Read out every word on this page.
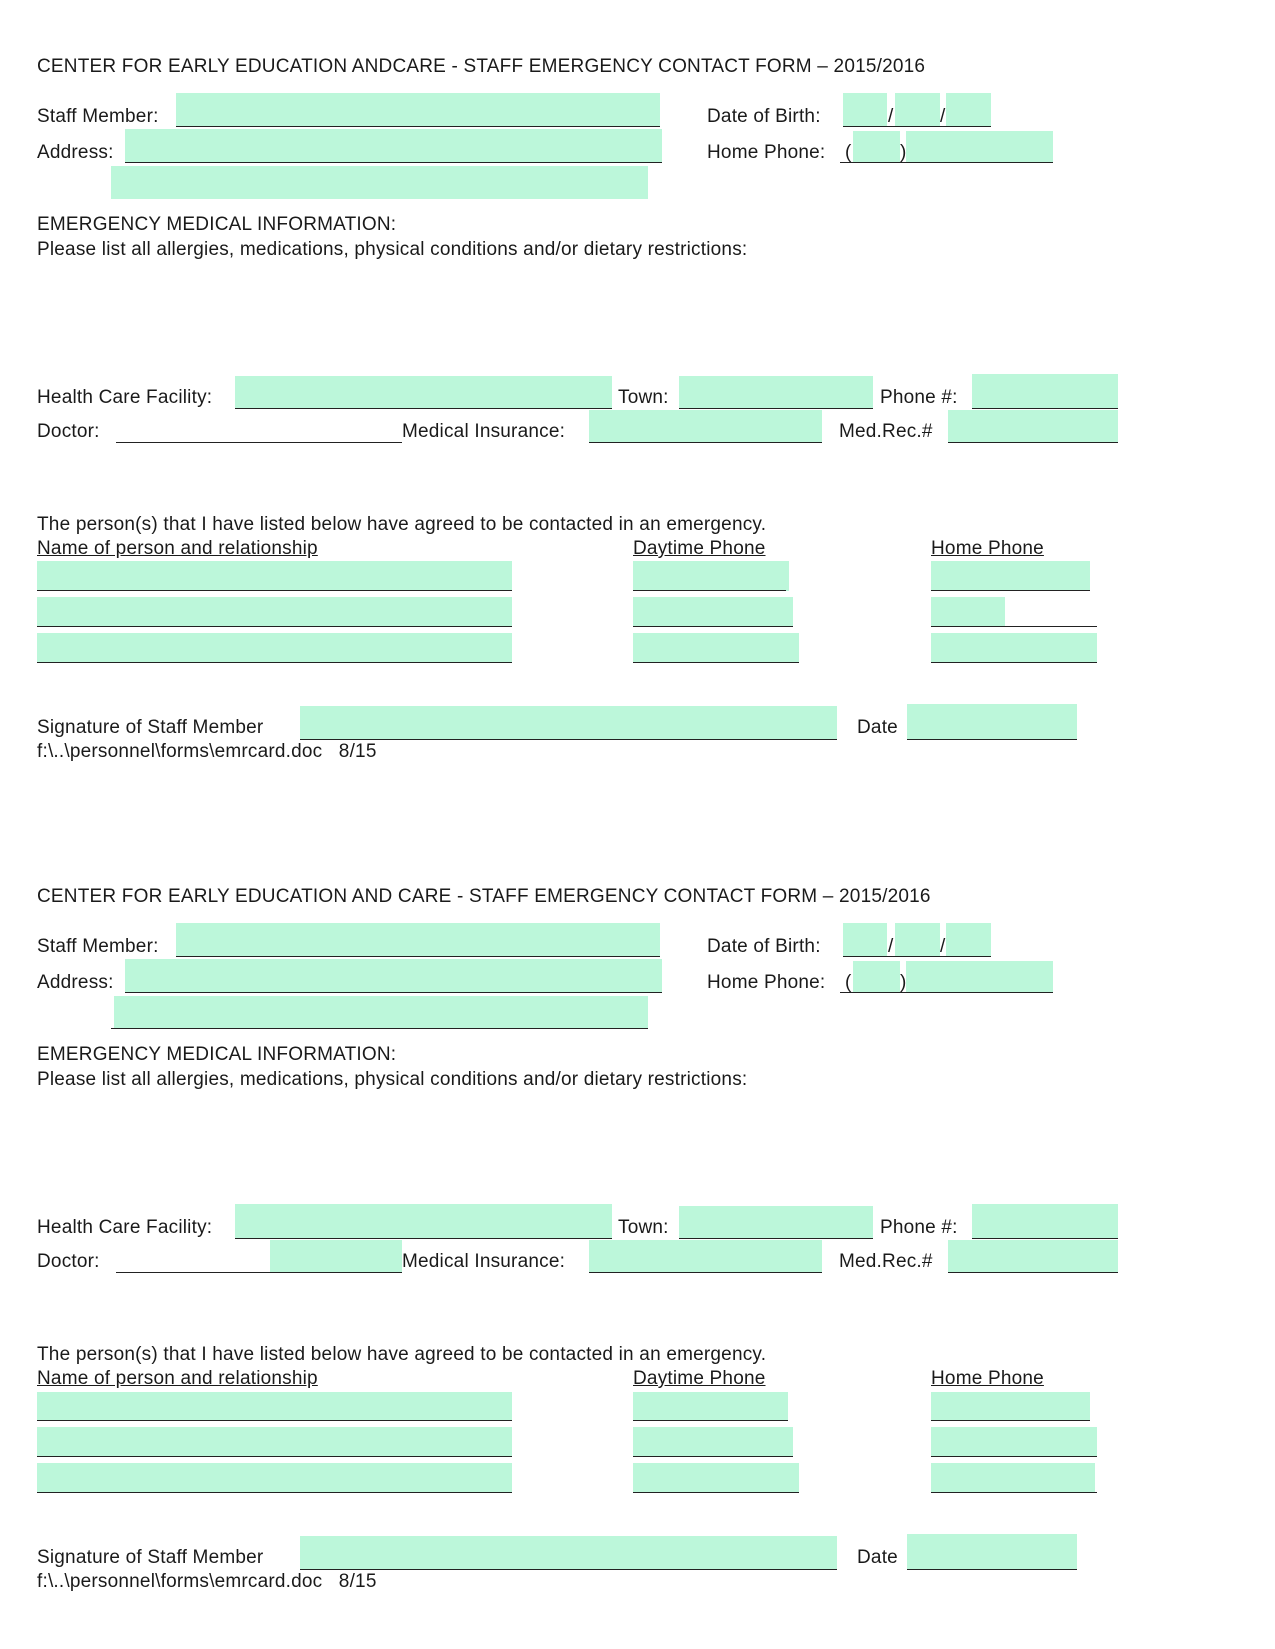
CENTER FOR EARLY EDUCATION ANDCARE - STAFF EMERGENCY CONTACT FORM – 2015/2016
Staff Member:	Date of Birth:	/ /
Address:	Home Phone: (	)
EMERGENCY MEDICAL INFORMATION:
Please list all allergies, medications, physical conditions and/or dietary restrictions:
Health Care Facility:	Town:	Phone #:
Doctor:	Medical Insurance:	Med.Rec.#
The person(s) that I have listed below have agreed to be contacted in an emergency.
Name of person and relationship	Daytime Phone	Home Phone
Signature of Staff Member	Date
f:\..\personnel\forms\emrcard.doc   8/15
CENTER FOR EARLY EDUCATION AND CARE - STAFF EMERGENCY CONTACT FORM – 2015/2016
Staff Member:	Date of Birth:	/ /
Address:	Home Phone: (	)
EMERGENCY MEDICAL INFORMATION:
Please list all allergies, medications, physical conditions and/or dietary restrictions:
Health Care Facility:	Town:	Phone #:
Doctor:	Medical Insurance:	Med.Rec.#
The person(s) that I have listed below have agreed to be contacted in an emergency.
Name of person and relationship	Daytime Phone	Home Phone
Signature of Staff Member	Date
f:\..\personnel\forms\emrcard.doc   8/15
